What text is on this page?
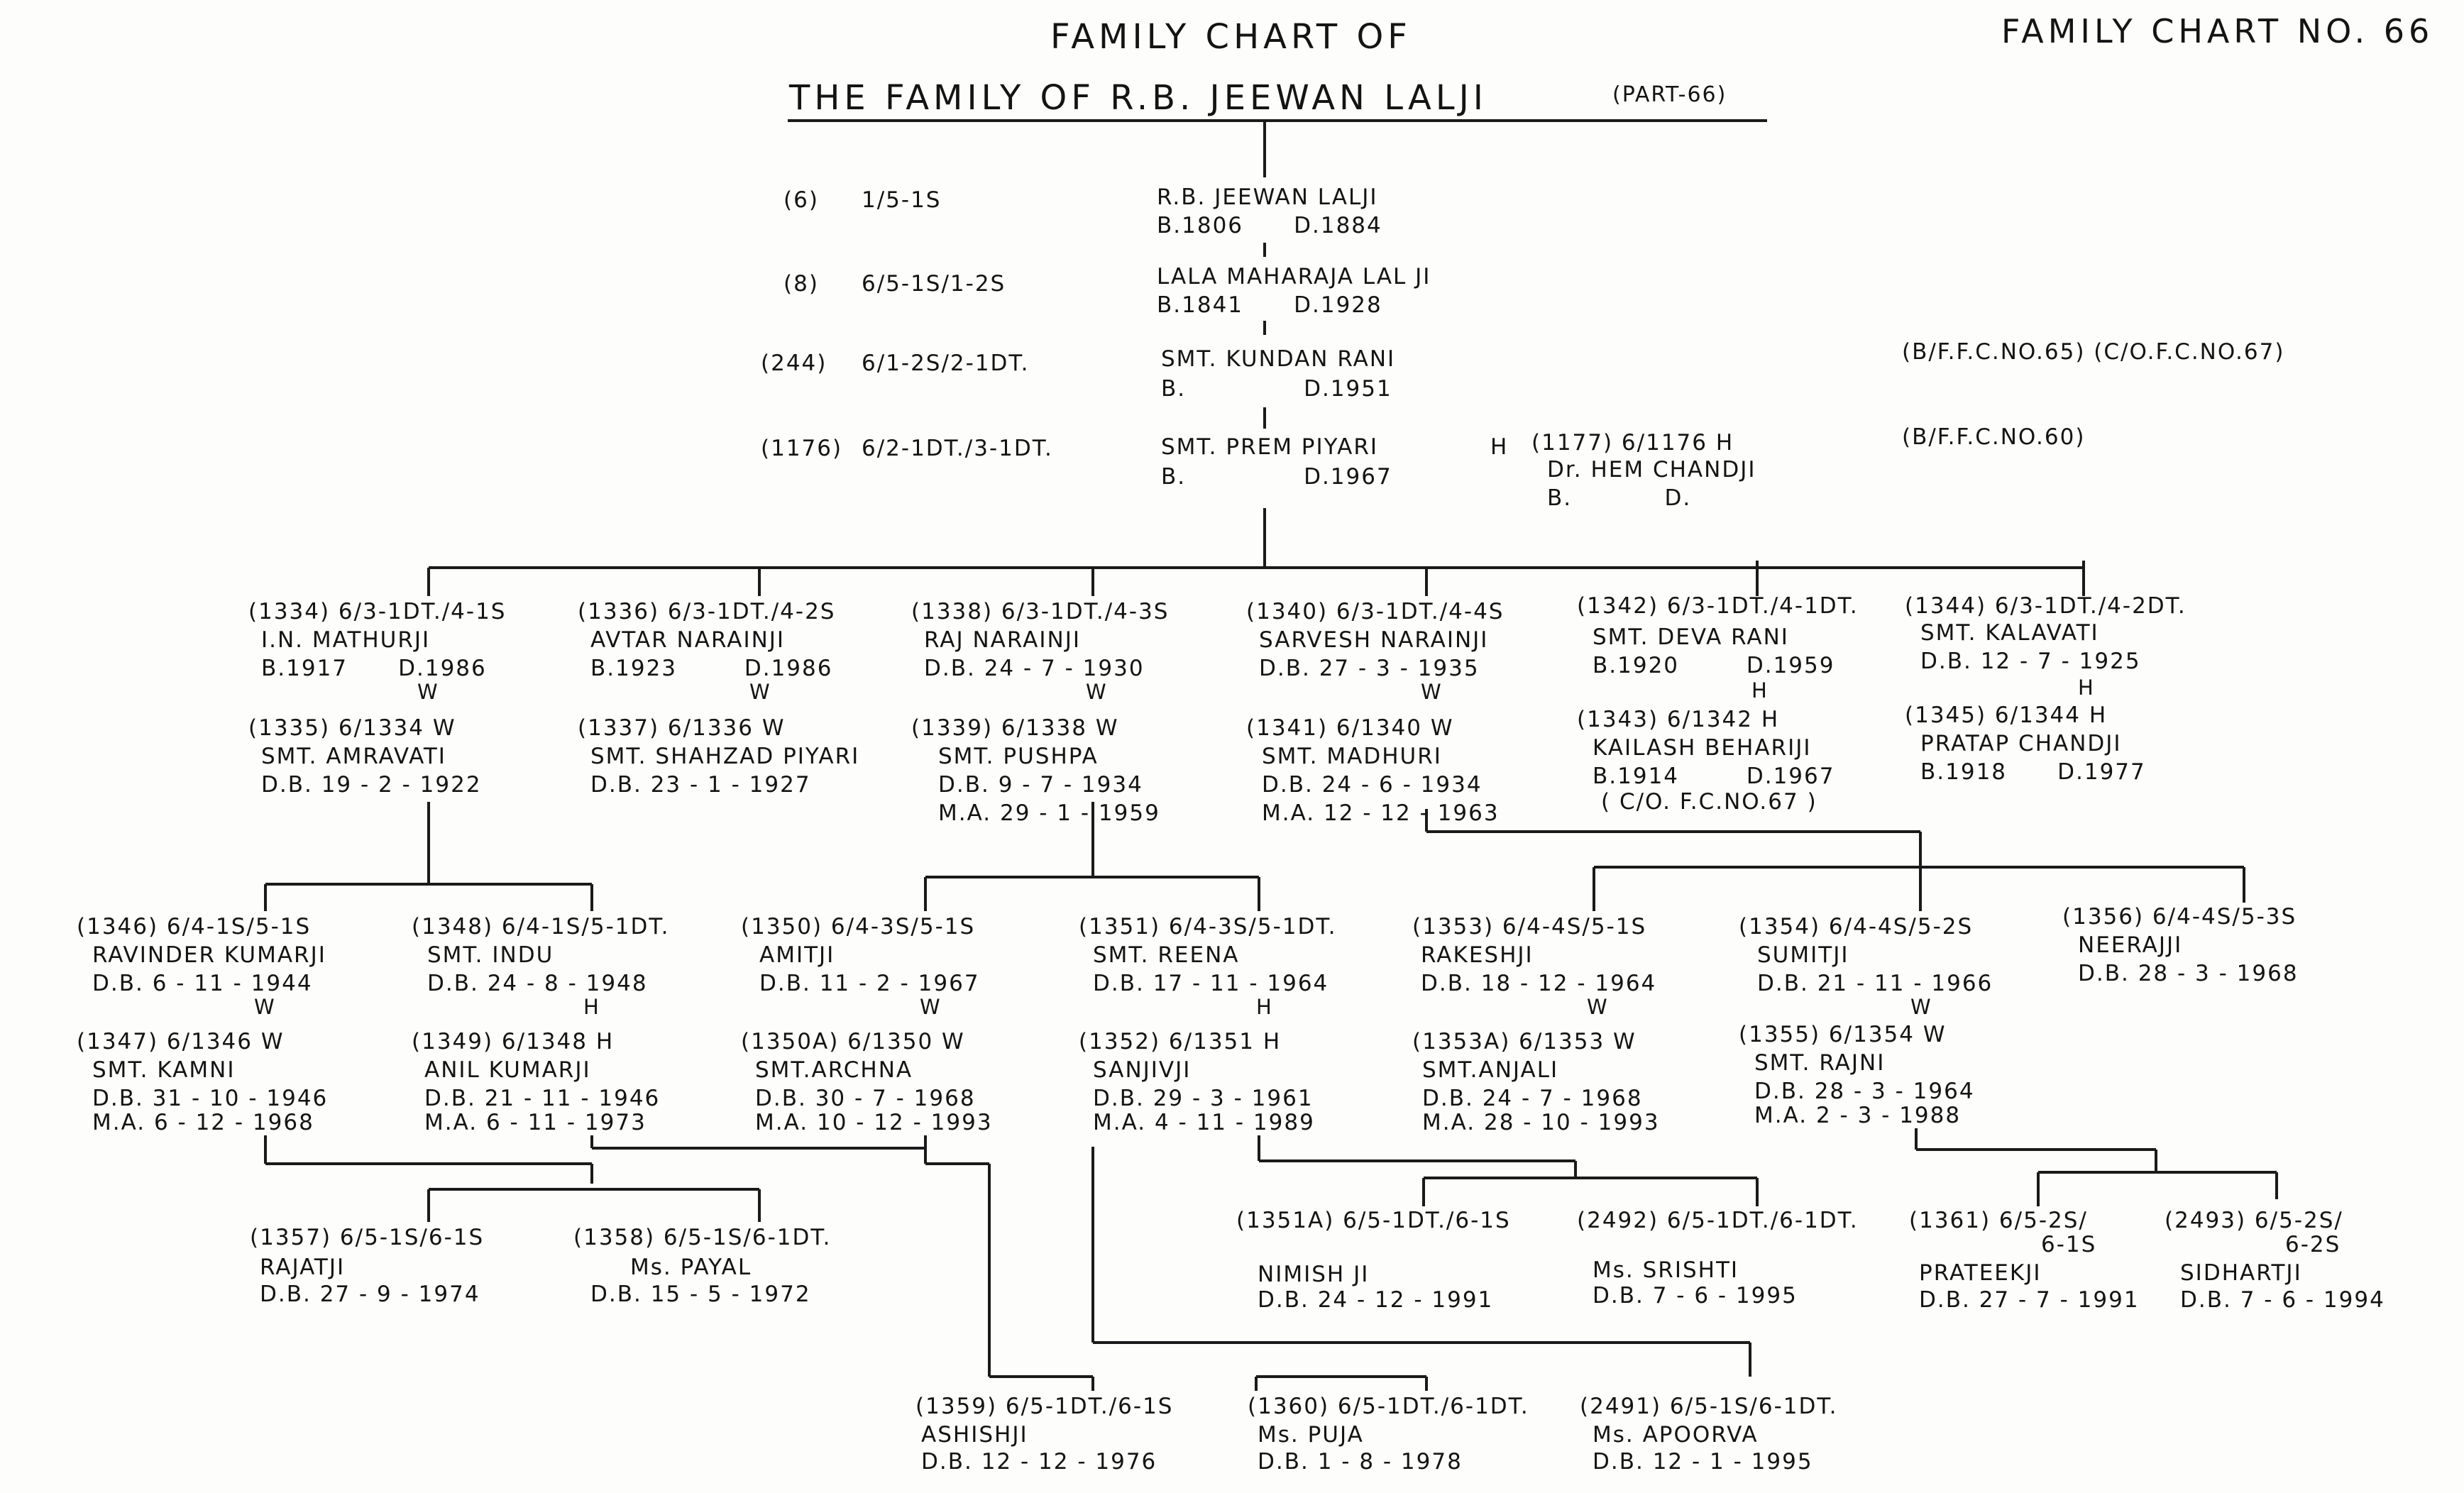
FAMILY CHART OF
THE FAMILY OF R.B. JEEWAN LALJI	(PART-66)
FAMILY CHART NO. 66
(6) 1/5-1S	R.B. JEEWAN LALJI
B.1806      D.1884
(8) 6/5-1S/1-2S	LALA MAHARAJA LAL JI
B.1841      D.1928
(244) 6/1-2S/2-1DT.	SMT. KUNDAN RANI
B.              D.1951
(1176) 6/2-1DT./3-1DT.	SMT. PREM PIYARI
B.              D.1967
H (1177) 6/1176 H
Dr. HEM CHANDJI
B.           D.
(B/F.F.C.NO.65) (C/O.F.C.NO.67)
(B/F.F.C.NO.60)
(1334) 6/3-1DT./4-1S
I.N. MATHURJI
B.1917      D.1986
W
(1335) 6/1334 W
SMT. AMRAVATI
D.B. 19 - 2 - 1922
(1336) 6/3-1DT./4-2S
AVTAR NARAINJI
B.1923        D.1986
W
(1337) 6/1336 W
SMT. SHAHZAD PIYARI
D.B. 23 - 1 - 1927
(1338) 6/3-1DT./4-3S
RAJ NARAINJI
D.B. 24 - 7 - 1930
W
(1339) 6/1338 W
SMT. PUSHPA
D.B. 9 - 7 - 1934
M.A. 29 - 1 - 1959
(1340) 6/3-1DT./4-4S
SARVESH NARAINJI
D.B. 27 - 3 - 1935
W
(1341) 6/1340 W
SMT. MADHURI
D.B. 24 - 6 - 1934
M.A. 12 - 12 - 1963
(1342) 6/3-1DT./4-1DT.
SMT. DEVA RANI
B.1920        D.1959
H
(1343) 6/1342 H
KAILASH BEHARIJI
B.1914        D.1967
( C/O. F.C.NO.67 )
(1344) 6/3-1DT./4-2DT.
SMT. KALAVATI
D.B. 12 - 7 - 1925
H
(1345) 6/1344 H
PRATAP CHANDJI
B.1918      D.1977
(1346) 6/4-1S/5-1S
RAVINDER KUMARJI
D.B. 6 - 11 - 1944
W
(1347) 6/1346 W
SMT. KAMNI
D.B. 31 - 10 - 1946
M.A. 6 - 12 - 1968
(1348) 6/4-1S/5-1DT.
SMT. INDU
D.B. 24 - 8 - 1948
H
(1349) 6/1348 H
ANIL KUMARJI
D.B. 21 - 11 - 1946
M.A. 6 - 11 - 1973
(1350) 6/4-3S/5-1S
AMITJI
D.B. 11 - 2 - 1967
W
(1350A) 6/1350 W
SMT.ARCHNA
D.B. 30 - 7 - 1968
M.A. 10 - 12 - 1993
(1351) 6/4-3S/5-1DT.
SMT. REENA
D.B. 17 - 11 - 1964
H
(1352) 6/1351 H
SANJIVJI
D.B. 29 - 3 - 1961
M.A. 4 - 11 - 1989
(1353) 6/4-4S/5-1S
RAKESHJI
D.B. 18 - 12 - 1964
W
(1353A) 6/1353 W
SMT.ANJALI
D.B. 24 - 7 - 1968
M.A. 28 - 10 - 1993
(1354) 6/4-4S/5-2S
SUMITJI
D.B. 21 - 11 - 1966
W
(1355) 6/1354 W
SMT. RAJNI
D.B. 28 - 3 - 1964
M.A. 2 - 3 - 1988
(1356) 6/4-4S/5-3S
NEERAJJI
D.B. 28 - 3 - 1968
(1357) 6/5-1S/6-1S
RAJATJI
D.B. 27 - 9 - 1974
(1358) 6/5-1S/6-1DT.
Ms. PAYAL
D.B. 15 - 5 - 1972
(1351A) 6/5-1DT./6-1S
NIMISH JI
D.B. 24 - 12 - 1991
(2492) 6/5-1DT./6-1DT.
Ms. SRISHTI
D.B. 7 - 6 - 1995
(1361) 6/5-2S/
6-1S
PRATEEKJI
D.B. 27 - 7 - 1991
(2493) 6/5-2S/
6-2S
SIDHARTJI
D.B. 7 - 6 - 1994
(1359) 6/5-1DT./6-1S
ASHISHJI
D.B. 12 - 12 - 1976
(1360) 6/5-1DT./6-1DT.
Ms. PUJA
D.B. 1 - 8 - 1978
(2491) 6/5-1S/6-1DT.
Ms. APOORVA
D.B. 12 - 1 - 1995
